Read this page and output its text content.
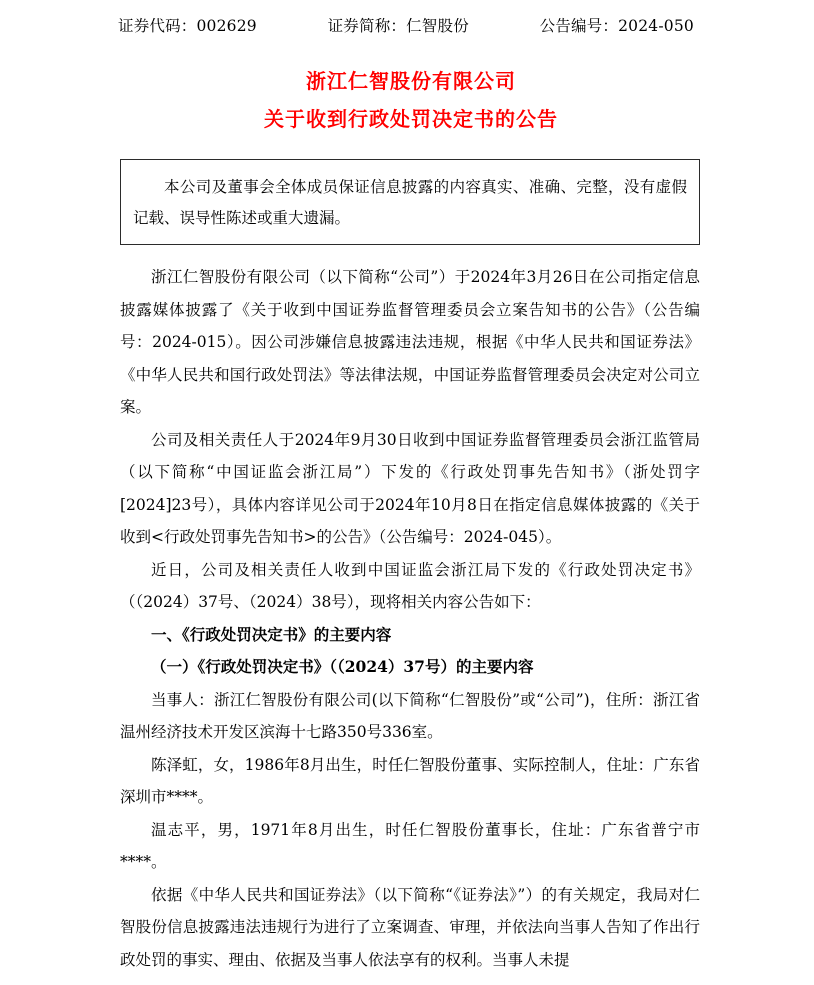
证券代码：002629	证券简称：仁智股份	公告编号：2024-050
浙江仁智股份有限公司
关于收到行政处罚决定书的公告

本公司及董事会全体成员保证信息披露的内容真实、准确、完整，没有虚假记载、误导性陈述或重大遗漏。

浙江仁智股份有限公司（以下简称“公司”）于2024年3月26日在公司指定信息披露媒体披露了《关于收到中国证券监督管理委员会立案告知书的公告》（公告编号：2024-015）。因公司涉嫌信息披露违法违规，根据《中华人民共和国证券法》《中华人民共和国行政处罚法》等法律法规，中国证券监督管理委员会决定对公司立案。

公司及相关责任人于2024年9月30日收到中国证券监督管理委员会浙江监管局（以下简称“中国证监会浙江局”）下发的《行政处罚事先告知书》（浙处罚字[2024]23号），具体内容详见公司于2024年10月8日在指定信息媒体披露的《关于收到<行政处罚事先告知书>的公告》（公告编号：2024-045）。

近日，公司及相关责任人收到中国证监会浙江局下发的《行政处罚决定书》（（2024）37号、（2024）38号），现将相关内容公告如下：

一、《行政处罚决定书》的主要内容

（一）《行政处罚决定书》（（2024）37号）的主要内容

当事人：浙江仁智股份有限公司(以下简称“仁智股份”或“公司”)，住所：浙江省温州经济技术开发区滨海十七路350号336室。

陈泽虹，女，1986年8月出生，时任仁智股份董事、实际控制人，住址：广东省深圳市****。

温志平，男，1971年8月出生，时任仁智股份董事长，住址：广东省普宁市****。

依据《中华人民共和国证券法》（以下简称“《证券法》”）的有关规定，我局对仁智股份信息披露违法违规行为进行了立案调查、审理，并依法向当事人告知了作出行政处罚的事实、理由、依据及当事人依法享有的权利。当事人未提
